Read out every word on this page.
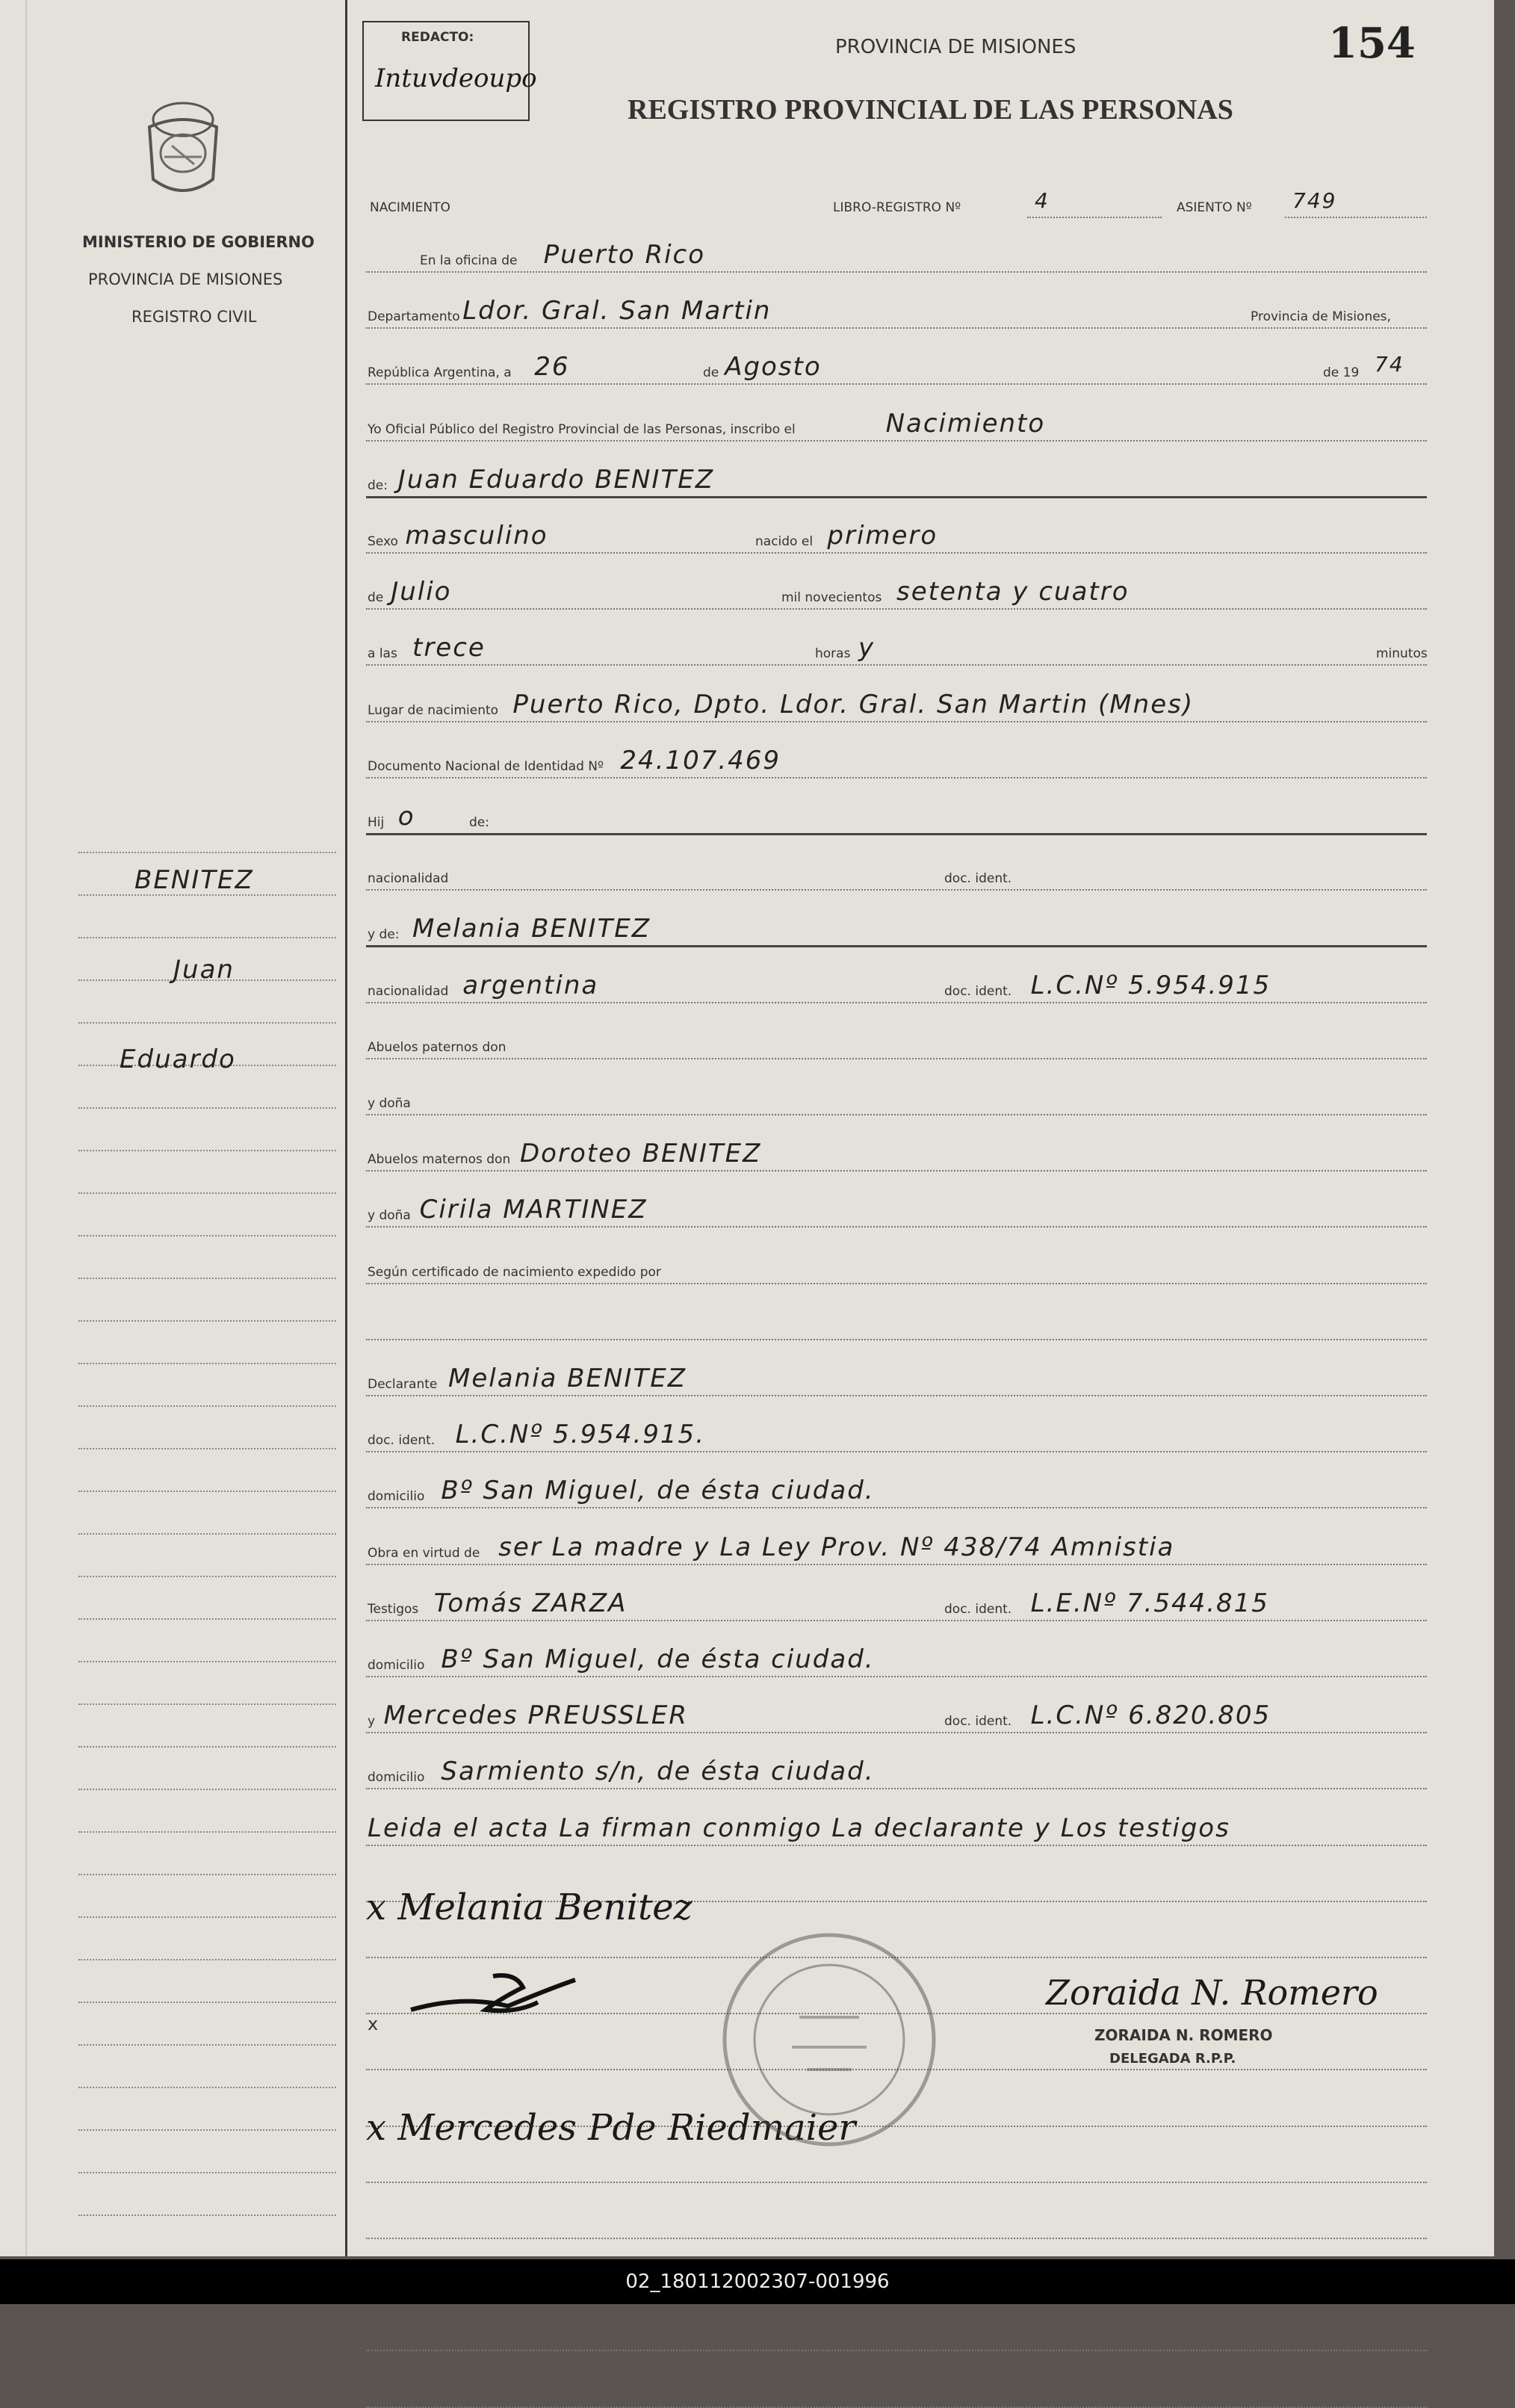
MINISTERIO DE GOBIERNO
PROVINCIA DE MISIONES
REGISTRO CIVIL
BENITEZ
Juan
Eduardo
REDACTO:
Intuvdeoupo
PROVINCIA DE MISIONES	154
REGISTRO PROVINCIAL DE LAS PERSONAS
NACIMIENTO	LIBRO-REGISTRO Nº	4	ASIENTO Nº 749
En la oficina de Puerto Rico
Departamento Ldor. Gral. San Martin	Provincia de Misiones,
República Argentina, a 26	de Agosto	de 19 74
Yo Oficial Público del Registro Provincial de las Personas, inscribo el	Nacimiento
de: Juan Eduardo BENITEZ
Sexo masculino	nacido el primero
de Julio	mil novecientos setenta y cuatro
a las trece	horas y	minutos
Lugar de nacimiento Puerto Rico, Dpto. Ldor. Gral. San Martin (Mnes)
Documento Nacional de Identidad Nº 24.107.469
Hij o	de:
nacionalidad	doc. ident.
y de: Melania BENITEZ
nacionalidad argentina	doc. ident. L.C.Nº 5.954.915
Abuelos paternos don
y doña
Abuelos maternos don Doroteo BENITEZ
y doña Cirila MARTINEZ
Según certificado de nacimiento expedido por
Declarante Melania BENITEZ
doc. ident. L.C.Nº 5.954.915.
domicilio Bº San Miguel, de ésta ciudad.
Obra en virtud de ser La madre y La Ley Prov. Nº 438/74 Amnistia
Testigos Tomás ZARZA	doc. ident. L.E.Nº 7.544.815
domicilio Bº San Miguel, de ésta ciudad.
y Mercedes PREUSSLER	doc. ident. L.C.Nº 6.820.805
domicilio Sarmiento s/n, de ésta ciudad.
Leida el acta La firman conmigo La declarante y Los testigos
x Melania Benitez
x
x Mercedes Pde Riedmaier
Zoraida N. Romero
ZORAIDA N. ROMERO
DELEGADA R.P.P.
02_180112002307-001996
